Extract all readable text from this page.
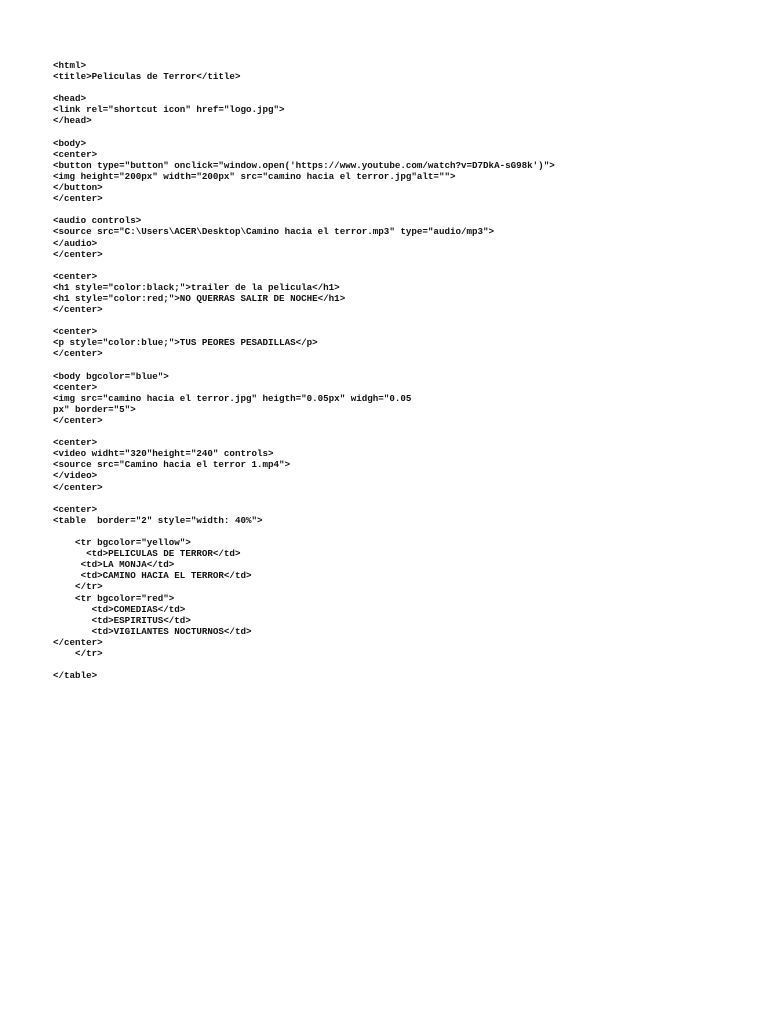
<html>
<title>Peliculas de Terror</title>
<head>
<link rel="shortcut icon" href="logo.jpg">
</head>
<body>
<center>
<button type="button" onclick="window.open('https://www.youtube.com/watch?v=D7DkA-sG98k')">
<img height="200px" width="200px" src="camino hacia el terror.jpg"alt="">
</button>
</center>
<audio controls>
<source src="C:\Users\ACER\Desktop\Camino hacia el terror.mp3" type="audio/mp3">
</audio>
</center>
<center>
<h1 style="color:black;">trailer de la pelicula</h1>
<h1 style="color:red;">NO QUERRAS SALIR DE NOCHE</h1>
</center>
<center>
<p style="color:blue;">TUS PEORES PESADILLAS</p>
</center>
<body bgcolor="blue">
<center>
<img src="camino hacia el terror.jpg" heigth="0.05px" widgh="0.05
px" border="5">
</center>
<center>
<video widht="320"height="240" controls>
<source src="Camino hacia el terror 1.mp4">
</video>
</center>
<center>
<table  border="2" style="width: 40%">
<tr bgcolor="yellow">
<td>PELICULAS DE TERROR</td>
<td>LA MONJA</td>
<td>CAMINO HACIA EL TERROR</td>
</tr>
<tr bgcolor="red">
<td>COMEDIAS</td>
<td>ESPIRITUS</td>
<td>VIGILANTES NOCTURNOS</td>
</center>
</tr>
</table>
